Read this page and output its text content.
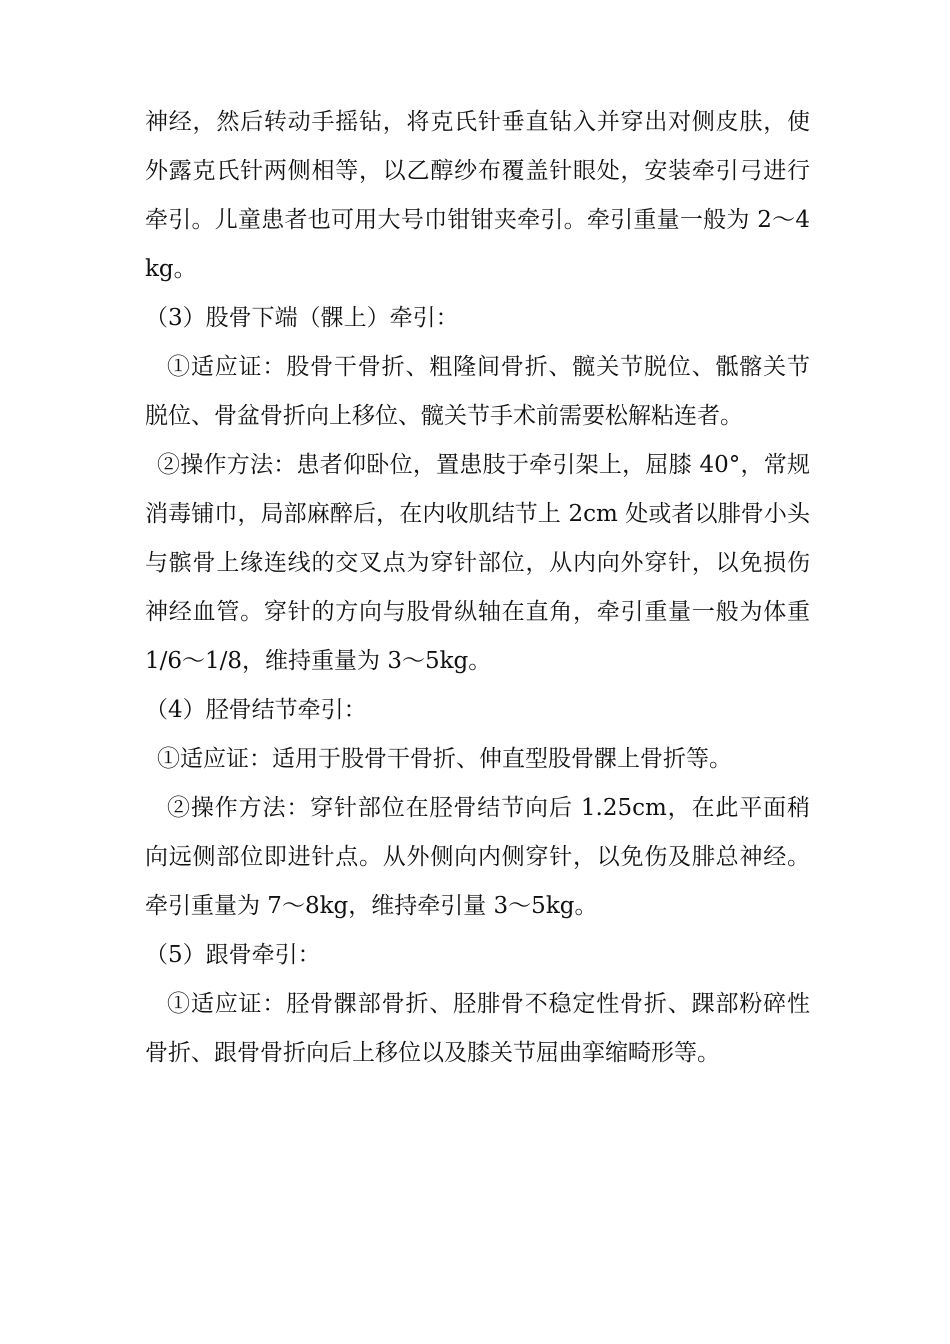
神经，然后转动手摇钻，将克氏针垂直钻入并穿出对侧皮肤，使外露克氏针两侧相等，以乙醇纱布覆盖针眼处，安装牵引弓进行牵引。儿童患者也可用大号巾钳钳夹牵引。牵引重量一般为 2～4kg。

（3）股骨下端（髁上）牵引：

①适应证：股骨干骨折、粗隆间骨折、髋关节脱位、骶髂关节脱位、骨盆骨折向上移位、髋关节手术前需要松解粘连者。

②操作方法：患者仰卧位，置患肢于牵引架上，屈膝 40°，常规消毒铺巾，局部麻醉后，在内收肌结节上 2cm 处或者以腓骨小头与髌骨上缘连线的交叉点为穿针部位，从内向外穿针，以免损伤神经血管。穿针的方向与股骨纵轴在直角，牵引重量一般为体重 1/6～1/8，维持重量为 3～5kg。

（4）胫骨结节牵引：

①适应证：适用于股骨干骨折、伸直型股骨髁上骨折等。

②操作方法：穿针部位在胫骨结节向后 1.25cm，在此平面稍向远侧部位即进针点。从外侧向内侧穿针，以免伤及腓总神经。牵引重量为 7～8kg，维持牵引量 3～5kg。

（5）跟骨牵引：

①适应证：胫骨髁部骨折、胫腓骨不稳定性骨折、踝部粉碎性骨折、跟骨骨折向后上移位以及膝关节屈曲挛缩畸形等。
